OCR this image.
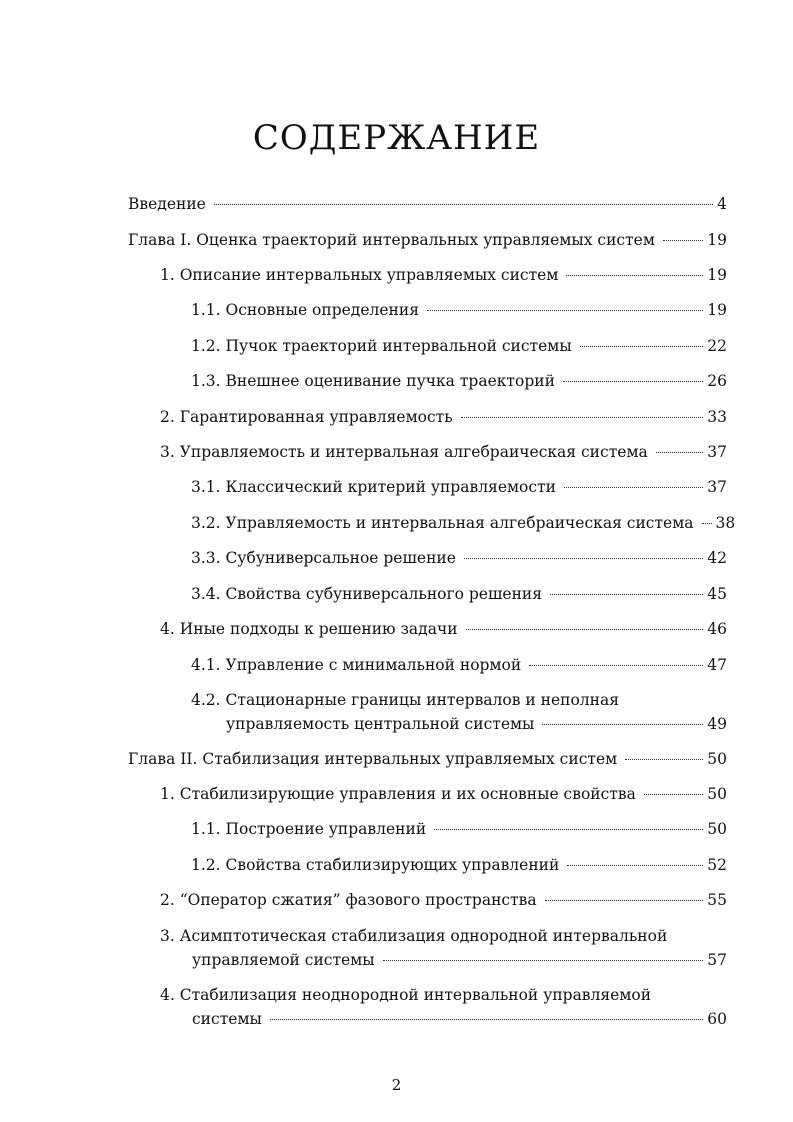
СОДЕРЖАНИЕ
Введение	4
Глава I. Оценка траекторий интервальных управляемых систем	19
1. Описание интервальных управляемых систем	19
1.1. Основные определения	19
1.2. Пучок траекторий интервальной системы	22
1.3. Внешнее оценивание пучка траекторий	26
2. Гарантированная управляемость	33
3. Управляемость и интервальная алгебраическая система	37
3.1. Классический критерий управляемости	37
3.2. Управляемость и интервальная алгебраическая система 38
3.3. Субуниверсальное решение	42
3.4. Свойства субуниверсального решения	45
4. Иные подходы к решению задачи	46
4.1. Управление с минимальной нормой	47
4.2. Стационарные границы интервалов и неполная
управляемость центральной системы	49
Глава II. Стабилизация интервальных управляемых систем	50
1. Стабилизирующие управления и их основные свойства	50
1.1. Построение управлений	50
1.2. Свойства стабилизирующих управлений	52
2. “Оператор сжатия” фазового пространства	55
3. Асимптотическая стабилизация однородной интервальной
управляемой системы	57
4. Стабилизация неоднородной интервальной управляемой
системы	60
2
